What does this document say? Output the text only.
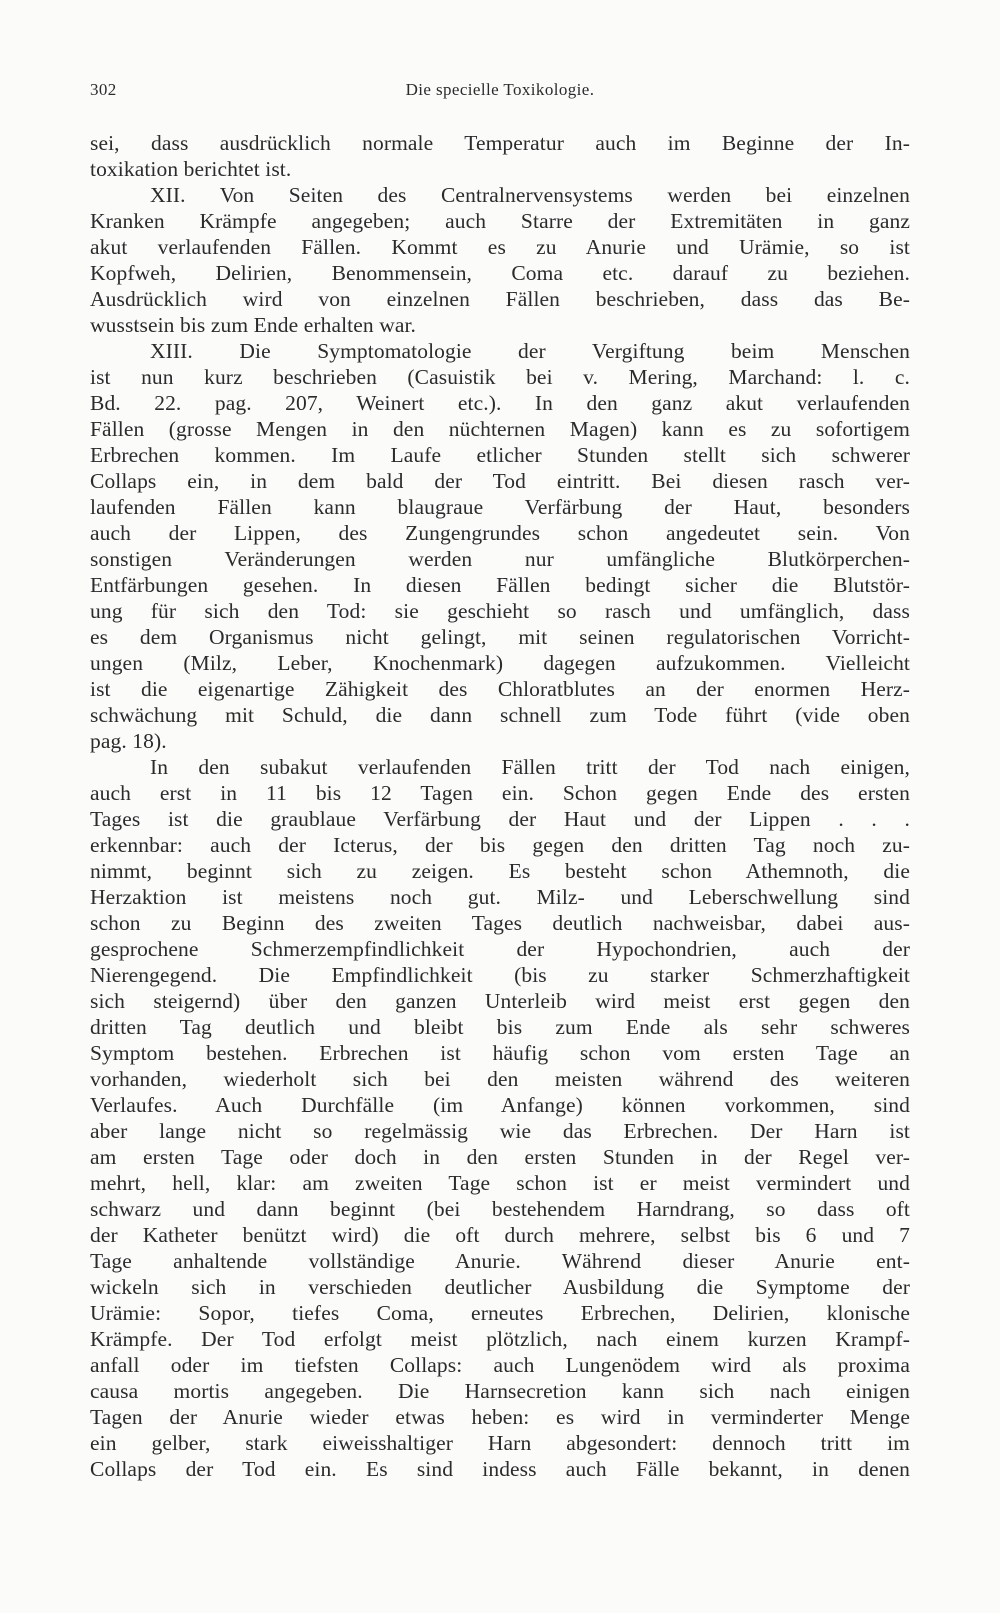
302	Die specielle Toxikologie.
sei, dass ausdrücklich normale Temperatur auch im Beginne der In-
toxikation berichtet ist.
XII. Von Seiten des Centralnervensystems werden bei einzelnen
Kranken Krämpfe angegeben; auch Starre der Extremitäten in ganz
akut verlaufenden Fällen. Kommt es zu Anurie und Urämie, so ist
Kopfweh, Delirien, Benommensein, Coma etc. darauf zu beziehen.
Ausdrücklich wird von einzelnen Fällen beschrieben, dass das Be-
wusstsein bis zum Ende erhalten war.
XIII. Die Symptomatologie der Vergiftung beim Menschen
ist nun kurz beschrieben (Casuistik bei v. Mering, Marchand: l. c.
Bd. 22. pag. 207, Weinert etc.). In den ganz akut verlaufenden
Fällen (grosse Mengen in den nüchternen Magen) kann es zu sofortigem
Erbrechen kommen. Im Laufe etlicher Stunden stellt sich schwerer
Collaps ein, in dem bald der Tod eintritt. Bei diesen rasch ver-
laufenden Fällen kann blaugraue Verfärbung der Haut, besonders
auch der Lippen, des Zungengrundes schon angedeutet sein. Von
sonstigen Veränderungen werden nur umfängliche Blutkörperchen-
Entfärbungen gesehen. In diesen Fällen bedingt sicher die Blutstör-
ung für sich den Tod: sie geschieht so rasch und umfänglich, dass
es dem Organismus nicht gelingt, mit seinen regulatorischen Vorricht-
ungen (Milz, Leber, Knochenmark) dagegen aufzukommen. Vielleicht
ist die eigenartige Zähigkeit des Chloratblutes an der enormen Herz-
schwächung mit Schuld, die dann schnell zum Tode führt (vide oben
pag. 18).
In den subakut verlaufenden Fällen tritt der Tod nach einigen,
auch erst in 11 bis 12 Tagen ein. Schon gegen Ende des ersten
Tages ist die graublaue Verfärbung der Haut und der Lippen . . .
erkennbar: auch der Icterus, der bis gegen den dritten Tag noch zu-
nimmt, beginnt sich zu zeigen. Es besteht schon Athemnoth, die
Herzaktion ist meistens noch gut. Milz- und Leberschwellung sind
schon zu Beginn des zweiten Tages deutlich nachweisbar, dabei aus-
gesprochene Schmerzempfindlichkeit der Hypochondrien, auch der
Nierengegend. Die Empfindlichkeit (bis zu starker Schmerzhaftigkeit
sich steigernd) über den ganzen Unterleib wird meist erst gegen den
dritten Tag deutlich und bleibt bis zum Ende als sehr schweres
Symptom bestehen. Erbrechen ist häufig schon vom ersten Tage an
vorhanden, wiederholt sich bei den meisten während des weiteren
Verlaufes. Auch Durchfälle (im Anfange) können vorkommen, sind
aber lange nicht so regelmässig wie das Erbrechen. Der Harn ist
am ersten Tage oder doch in den ersten Stunden in der Regel ver-
mehrt, hell, klar: am zweiten Tage schon ist er meist vermindert und
schwarz und dann beginnt (bei bestehendem Harndrang, so dass oft
der Katheter benützt wird) die oft durch mehrere, selbst bis 6 und 7
Tage anhaltende vollständige Anurie. Während dieser Anurie ent-
wickeln sich in verschieden deutlicher Ausbildung die Symptome der
Urämie: Sopor, tiefes Coma, erneutes Erbrechen, Delirien, klonische
Krämpfe. Der Tod erfolgt meist plötzlich, nach einem kurzen Krampf-
anfall oder im tiefsten Collaps: auch Lungenödem wird als proxima
causa mortis angegeben. Die Harnsecretion kann sich nach einigen
Tagen der Anurie wieder etwas heben: es wird in verminderter Menge
ein gelber, stark eiweisshaltiger Harn abgesondert: dennoch tritt im
Collaps der Tod ein. Es sind indess auch Fälle bekannt, in denen
